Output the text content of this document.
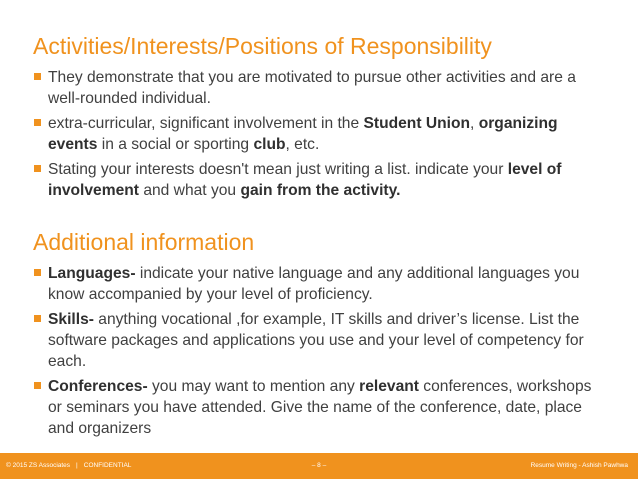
Activities/Interests/Positions of Responsibility
They demonstrate that you are motivated to pursue other activities and are a well-rounded individual.
extra-curricular, significant involvement in the Student Union, organizing events in a social or sporting club, etc.
Stating your interests doesn't mean just writing a list. indicate your level of involvement and what you gain from the activity.
Additional information
Languages- indicate your native language and any additional languages you know accompanied by your level of proficiency.
Skills- anything vocational ,for example, IT skills and driver’s license. List the software packages and applications you use and your level of competency for each.
Conferences- you may want to mention any relevant conferences, workshops or seminars you have attended. Give the name of the conference, date, place and organizers
© 2015 ZS Associates | CONFIDENTIAL	– 8 –	Resume Writing - Ashish Pawhwa
